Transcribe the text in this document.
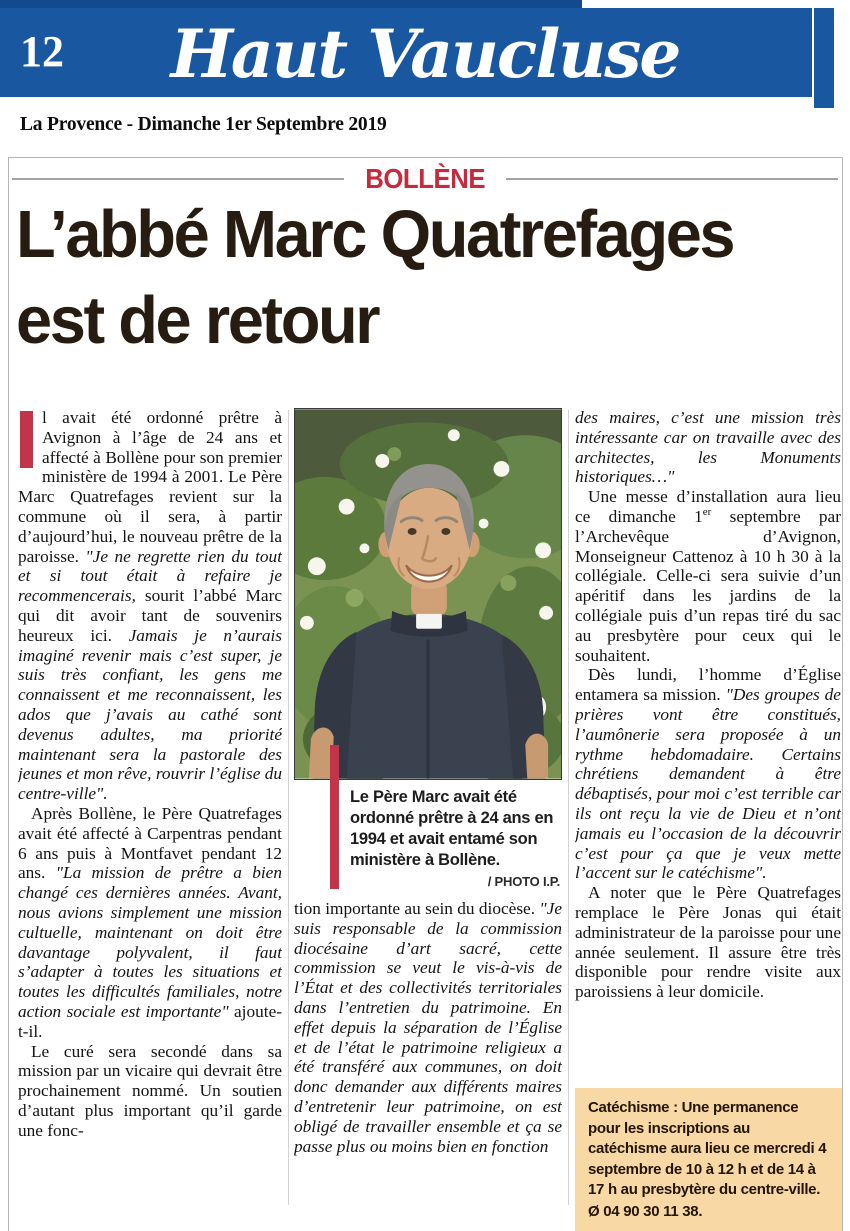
12	Haut Vaucluse
La Provence - Dimanche 1er Septembre 2019
BOLLÈNE
L’abbé Marc Quatrefages
est de retour

l avait été ordonné prêtre à Avignon à l’âge de 24 ans et affecté à Bollène pour son premier ministère de 1994 à 2001. Le Père Marc Quatrefages revient sur la commune où il sera, à partir d’aujourd’hui, le nouveau prêtre de la paroisse. "Je ne regrette rien du tout et si tout était à refaire je recommencerais, sourit l’abbé Marc qui dit avoir tant de souvenirs heureux ici. Jamais je n’aurais imaginé revenir mais c’est super, je suis très confiant, les gens me connaissent et me reconnaissent, les ados que j’avais au cathé sont devenus adultes, ma priorité maintenant sera la pastorale des jeunes et mon rêve, rouvrir l’église du centre-ville".

Après Bollène, le Père Quatrefages avait été affecté à Carpentras pendant 6 ans puis à Montfavet pendant 12 ans. "La mission de prêtre a bien changé ces dernières années. Avant, nous avions simplement une mission cultuelle, maintenant on doit être davantage polyvalent, il faut s’adapter à toutes les situations et toutes les difficultés familiales, notre action sociale est importante" ajoute-t-il.

Le curé sera secondé dans sa mission par un vicaire qui devrait être prochainement nommé. Un soutien d’autant plus important qu’il garde une fonc-

Le Père Marc avait été ordonné prêtre à 24 ans en 1994 et avait entamé son ministère à Bollène.
/ PHOTO I.P.

tion importante au sein du diocèse. "Je suis responsable de la commission diocésaine d’art sacré, cette commission se veut le vis-à-vis de l’État et des collectivités territoriales dans l’entretien du patrimoine. En effet depuis la séparation de l’Église et de l’état le patrimoine religieux a été transféré aux communes, on doit donc demander aux différents maires d’entretenir leur patrimoine, on est obligé de travailler ensemble et ça se passe plus ou moins bien en fonction

des maires, c’est une mission très intéressante car on travaille avec des architectes, les Monuments historiques…"

Une messe d’installation aura lieu ce dimanche 1er septembre par l’Archevêque d’Avignon, Monseigneur Cattenoz à 10 h 30 à la collégiale. Celle-ci sera suivie d’un apéritif dans les jardins de la collégiale puis d’un repas tiré du sac au presbytère pour ceux qui le souhaitent.

Dès lundi, l’homme d’Église entamera sa mission. "Des groupes de prières vont être constitués, l’aumônerie sera proposée à un rythme hebdomadaire. Certains chrétiens demandent à être débaptisés, pour moi c’est terrible car ils ont reçu la vie de Dieu et n’ont jamais eu l’occasion de la découvrir c’est pour ça que je veux mette l’accent sur le catéchisme".

A noter que le Père Quatrefages remplace le Père Jonas qui était administrateur de la paroisse pour une année seulement. Il assure être très disponible pour rendre visite aux paroissiens à leur domicile.

Catéchisme : Une permanence pour les inscriptions au catéchisme aura lieu ce mercredi 4 septembre de 10 à 12 h et de 14 à 17 h au presbytère du centre-ville.
Ø 04 90 30 11 38.
